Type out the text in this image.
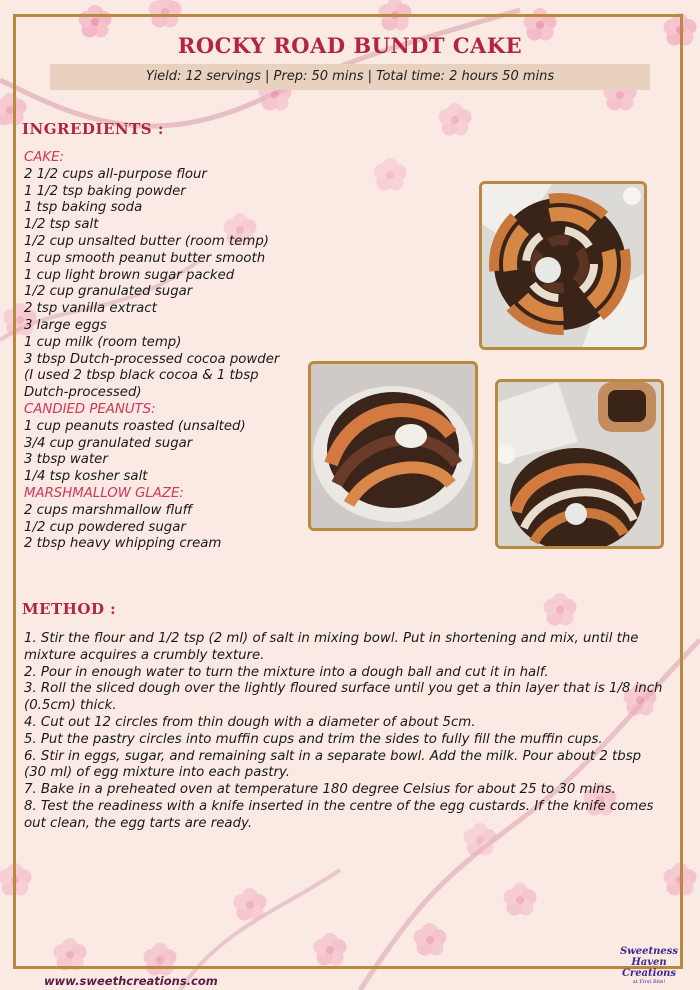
ROCKY ROAD BUNDT CAKE
Yield: 12 servings | Prep: 50 mins | Total time: 2 hours 50 mins
INGREDIENTS :
CAKE:
2 1/2 cups all-purpose flour
1 1/2 tsp baking powder
1 tsp baking soda
1/2 tsp salt
1/2 cup unsalted butter (room temp)
1 cup smooth peanut butter smooth
1 cup light brown sugar packed
1/2 cup granulated sugar
2 tsp vanilla extract
3 large eggs
1 cup milk (room temp)
3 tbsp Dutch-processed cocoa powder (I used 2 tbsp black cocoa & 1 tbsp Dutch-processed)
CANDIED PEANUTS:
1 cup peanuts roasted (unsalted)
3/4 cup granulated sugar
3 tbsp water
1/4 tsp kosher salt
MARSHMALLOW GLAZE:
2 cups marshmallow fluff
1/2 cup powdered sugar
2 tbsp heavy whipping cream
METHOD :

1. Stir the flour and 1/2 tsp (2 ml) of salt in mixing bowl. Put in shortening and mix, until the mixture acquires a crumbly texture.

2. Pour in enough water to turn the mixture into a dough ball and cut it in half.

3. Roll the sliced dough over the lightly floured surface until you get a thin layer that is 1/8 inch (0.5cm) thick.

4. Cut out 12 circles from thin dough with a diameter of about 5cm.

5. Put the pastry circles into muffin cups and trim the sides to fully fill the muffin cups.

6. Stir in eggs, sugar, and remaining salt in a separate bowl. Add the milk. Pour about 2 tbsp (30 ml) of egg mixture into each pastry.

7. Bake in a preheated oven at temperature 180 degree Celsius for about 25 to 30 mins.

8. Test the readiness with a knife inserted in the centre of the egg custards. If the knife comes out clean, the egg tarts are ready.

www.sweethcreations.com
Sweetness Haven
Creations
at First Bite!
